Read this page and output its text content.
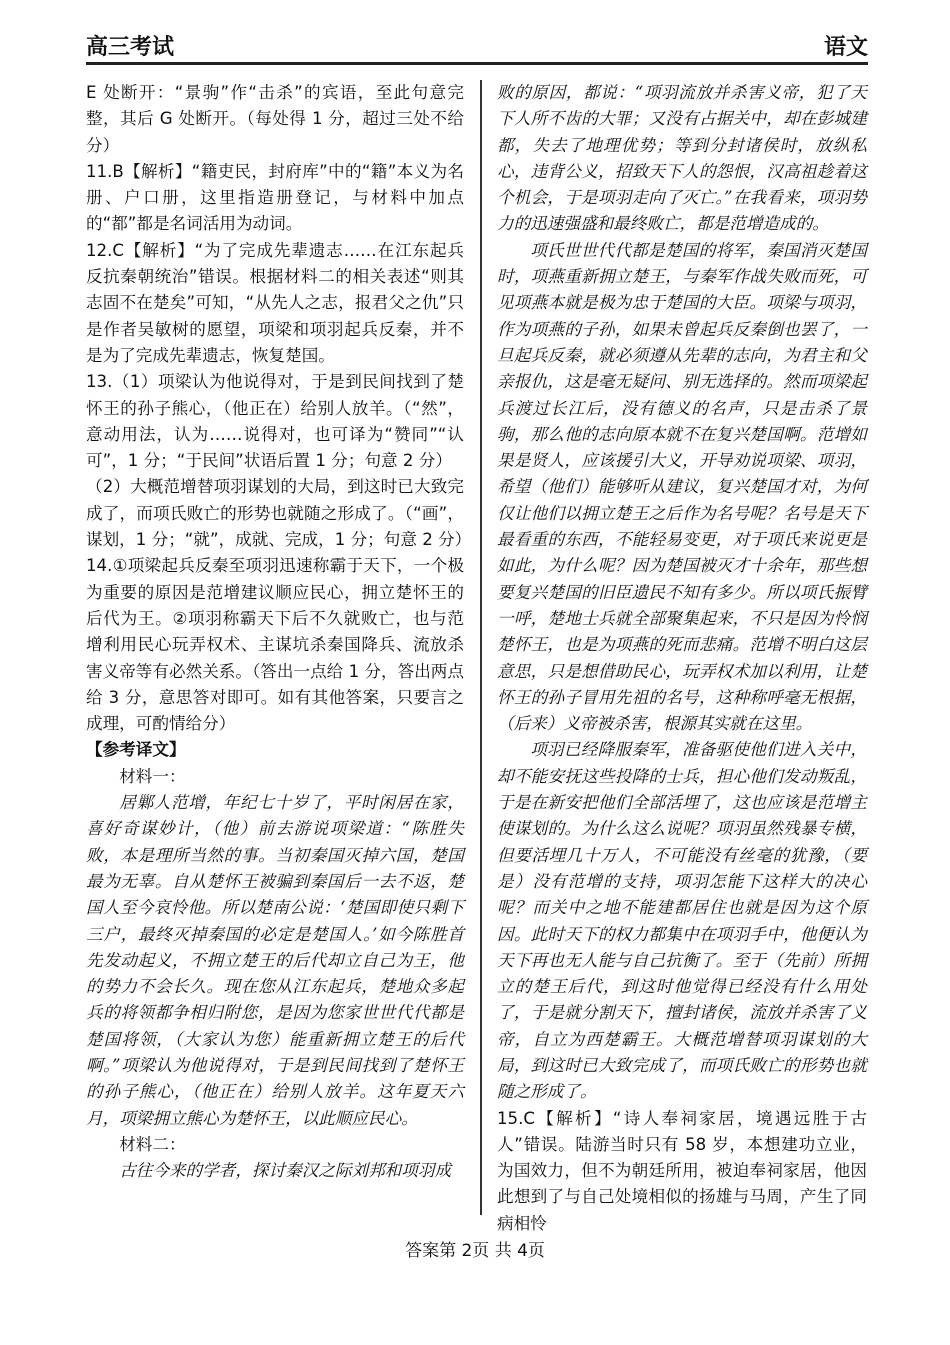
高三考试	语文

E 处断开：“景驹”作“击杀”的宾语，至此句意完整，其后 G 处断开。（每处得 1 分，超过三处不给分）

11.B【解析】“籍吏民，封府库”中的“籍”本义为名册、户口册，这里指造册登记，与材料中加点的“都”都是名词活用为动词。

12.C【解析】“为了完成先辈遗志……在江东起兵反抗秦朝统治”错误。根据材料二的相关表述“则其志固不在楚矣”可知，“从先人之志，报君父之仇”只是作者吴敏树的愿望，项梁和项羽起兵反秦，并不是为了完成先辈遗志，恢复楚国。

13.（1）项梁认为他说得对，于是到民间找到了楚怀王的孙子熊心，（他正在）给别人放羊。（“然”，意动用法，认为……说得对，也可译为“赞同”“认可”，1 分；“于民间”状语后置 1 分；句意 2 分）

（2）大概范增替项羽谋划的大局，到这时已大致完成了，而项氏败亡的形势也就随之形成了。（“画”，谋划，1 分；“就”，成就、完成，1 分；句意 2 分）

14.①项梁起兵反秦至项羽迅速称霸于天下，一个极为重要的原因是范增建议顺应民心，拥立楚怀王的后代为王。②项羽称霸天下后不久就败亡，也与范增利用民心玩弄权术、主谋坑杀秦国降兵、流放杀害义帝等有必然关系。（答出一点给 1 分，答出两点给 3 分，意思答对即可。如有其他答案，只要言之成理，可酌情给分）

【参考译文】

材料一：

居鄛人范增，年纪七十岁了，平时闲居在家，喜好奇谋妙计，（他）前去游说项梁道：“陈胜失败，本是理所当然的事。当初秦国灭掉六国，楚国最为无辜。自从楚怀王被骗到秦国后一去不返，楚国人至今哀怜他。所以楚南公说：‘楚国即使只剩下三户，最终灭掉秦国的必定是楚国人。’如今陈胜首先发动起义，不拥立楚王的后代却立自己为王，他的势力不会长久。现在您从江东起兵，楚地众多起兵的将领都争相归附您，是因为您家世世代代都是楚国将领，（大家认为您）能重新拥立楚王的后代啊。”项梁认为他说得对，于是到民间找到了楚怀王的孙子熊心，（他正在）给别人放羊。这年夏天六月，项梁拥立熊心为楚怀王，以此顺应民心。

材料二：

古往今来的学者，探讨秦汉之际刘邦和项羽成

败的原因，都说：“项羽流放并杀害义帝，犯了天下人所不齿的大罪；又没有占据关中，却在彭城建都，失去了地理优势；等到分封诸侯时，放纵私心，违背公义，招致天下人的怨恨，汉高祖趁着这个机会，于是项羽走向了灭亡。”在我看来，项羽势力的迅速强盛和最终败亡，都是范增造成的。

项氏世世代代都是楚国的将军，秦国消灭楚国时，项燕重新拥立楚王，与秦军作战失败而死，可见项燕本就是极为忠于楚国的大臣。项梁与项羽，作为项燕的子孙，如果未曾起兵反秦倒也罢了，一旦起兵反秦，就必须遵从先辈的志向，为君主和父亲报仇，这是毫无疑问、别无选择的。然而项梁起兵渡过长江后，没有德义的名声，只是击杀了景驹，那么他的志向原本就不在复兴楚国啊。范增如果是贤人，应该援引大义，开导劝说项梁、项羽，希望（他们）能够听从建议，复兴楚国才对，为何仅让他们以拥立楚王之后作为名号呢？名号是天下最看重的东西，不能轻易变更，对于项氏来说更是如此，为什么呢？因为楚国被灭才十余年，那些想要复兴楚国的旧臣遗民不知有多少。所以项氏振臂一呼，楚地士兵就全部聚集起来，不只是因为怜悯楚怀王，也是为项燕的死而悲痛。范增不明白这层意思，只是想借助民心，玩弄权术加以利用，让楚怀王的孙子冒用先祖的名号，这种称呼毫无根据，（后来）义帝被杀害，根源其实就在这里。

项羽已经降服秦军，准备驱使他们进入关中，却不能安抚这些投降的士兵，担心他们发动叛乱，于是在新安把他们全部活埋了，这也应该是范增主使谋划的。为什么这么说呢？项羽虽然残暴专横，但要活埋几十万人，不可能没有丝毫的犹豫，（要是）没有范增的支持，项羽怎能下这样大的决心呢？而关中之地不能建都居住也就是因为这个原因。此时天下的权力都集中在项羽手中，他便认为天下再也无人能与自己抗衡了。至于（先前）所拥立的楚王后代，到这时他觉得已经没有什么用处了，于是就分割天下，擅封诸侯，流放并杀害了义帝，自立为西楚霸王。大概范增替项羽谋划的大局，到这时已大致完成了，而项氏败亡的形势也就随之形成了。

15.C【解析】“诗人奉祠家居，境遇远胜于古人”错误。陆游当时只有 58 岁，本想建功立业，为国效力，但不为朝廷所用，被迫奉祠家居，他因此想到了与自己处境相似的扬雄与马周，产生了同病相怜

答案第 2页 共 4页
